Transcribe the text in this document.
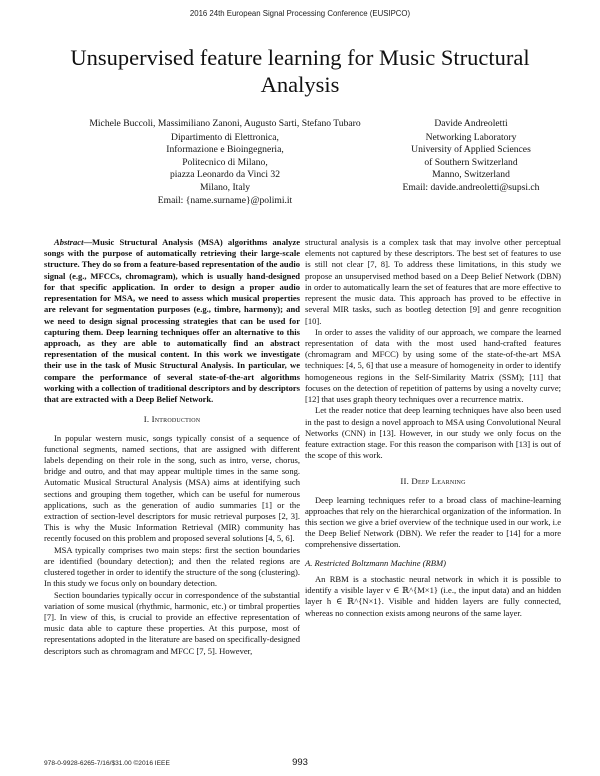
2016 24th European Signal Processing Conference (EUSIPCO)
Unsupervised feature learning for Music Structural Analysis
Michele Buccoli, Massimiliano Zanoni, Augusto Sarti, Stefano Tubaro
Dipartimento di Elettronica,
Informazione e Bioingegneria,
Politecnico di Milano,
piazza Leonardo da Vinci 32
Milano, Italy
Email: {name.surname}@polimi.it
Davide Andreoletti
Networking Laboratory
University of Applied Sciences
of Southern Switzerland
Manno, Switzerland
Email: davide.andreoletti@supsi.ch

Abstract—Music Structural Analysis (MSA) algorithms analyze songs with the purpose of automatically retrieving their large-scale structure. They do so from a feature-based representation of the audio signal (e.g., MFCCs, chromagram), which is usually hand-designed for that specific application. In order to design a proper audio representation for MSA, we need to assess which musical properties are relevant for segmentation purposes (e.g., timbre, harmony); and we need to design signal processing strategies that can be used for capturing them. Deep learning techniques offer an alternative to this approach, as they are able to automatically find an abstract representation of the musical content. In this work we investigate their use in the task of Music Structural Analysis. In particular, we compare the performance of several state-of-the-art algorithms working with a collection of traditional descriptors and by descriptors that are extracted with a Deep Belief Network.

I. Introduction

In popular western music, songs typically consist of a sequence of functional segments, named sections, that are assigned with different labels depending on their role in the song, such as intro, verse, chorus, bridge and outro, and that may appear multiple times in the same song. Automatic Musical Structural Analysis (MSA) aims at identifying such sections and grouping them together, which can be useful for numerous applications, such as the generation of audio summaries [1] or the extraction of section-level descriptors for music retrieval purposes [2, 3]. This is why the Music Information Retrieval (MIR) community has recently focused on this problem and proposed several solutions [4, 5, 6].

MSA typically comprises two main steps: first the section boundaries are identified (boundary detection); and then the related regions are clustered together in order to identify the structure of the song (clustering). In this study we focus only on boundary detection.

Section boundaries typically occur in correspondence of the substantial variation of some musical (rhythmic, harmonic, etc.) or timbral properties [7]. In view of this, is crucial to provide an effective representation of music data able to capture these properties. At this purpose, most of representations adopted in the literature are based on specifically-designed descriptors such as chromagram and MFCC [7, 5]. However,

structural analysis is a complex task that may involve other perceptual elements not captured by these descriptors. The best set of features to use is still not clear [7, 8]. To address these limitations, in this study we propose an unsupervised method based on a Deep Belief Network (DBN) in order to automatically learn the set of features that are more effective to represent the music data. This approach has proved to be effective in several MIR tasks, such as bootleg detection [9] and genre recognition [10].

In order to asses the validity of our approach, we compare the learned representation of data with the most used hand-crafted features (chromagram and MFCC) by using some of the state-of-the-art MSA techniques: [4, 5, 6] that use a measure of homogeneity in order to identify homogeneous regions in the Self-Similarity Matrix (SSM); [11] that focuses on the detection of repetition of patterns by using a novelty curve; [12] that uses graph theory techniques over a recurrence matrix.

Let the reader notice that deep learning techniques have also been used in the past to design a novel approach to MSA using Convolutional Neural Networks (CNN) in [13]. However, in our study we only focus on the feature extraction stage. For this reason the comparison with [13] is out of the scope of this work.

II. Deep Learning

Deep learning techniques refer to a broad class of machine-learning approaches that rely on the hierarchical organization of the information. In this section we give a brief overview of the technique used in our work, i.e the Deep Belief Network (DBN). We refer the reader to [14] for a more comprehensive dissertation.

A. Restricted Boltzmann Machine (RBM)

An RBM is a stochastic neural network in which it is possible to identify a visible layer v ∈ ℝ^{M×1} (i.e., the input data) and an hidden layer h ∈ ℝ^{N×1}. Visible and hidden layers are fully connected, whereas no connection exists among neurons of the same layer.

978-0-9928-6265-7/16/$31.00 ©2016 IEEE	993
